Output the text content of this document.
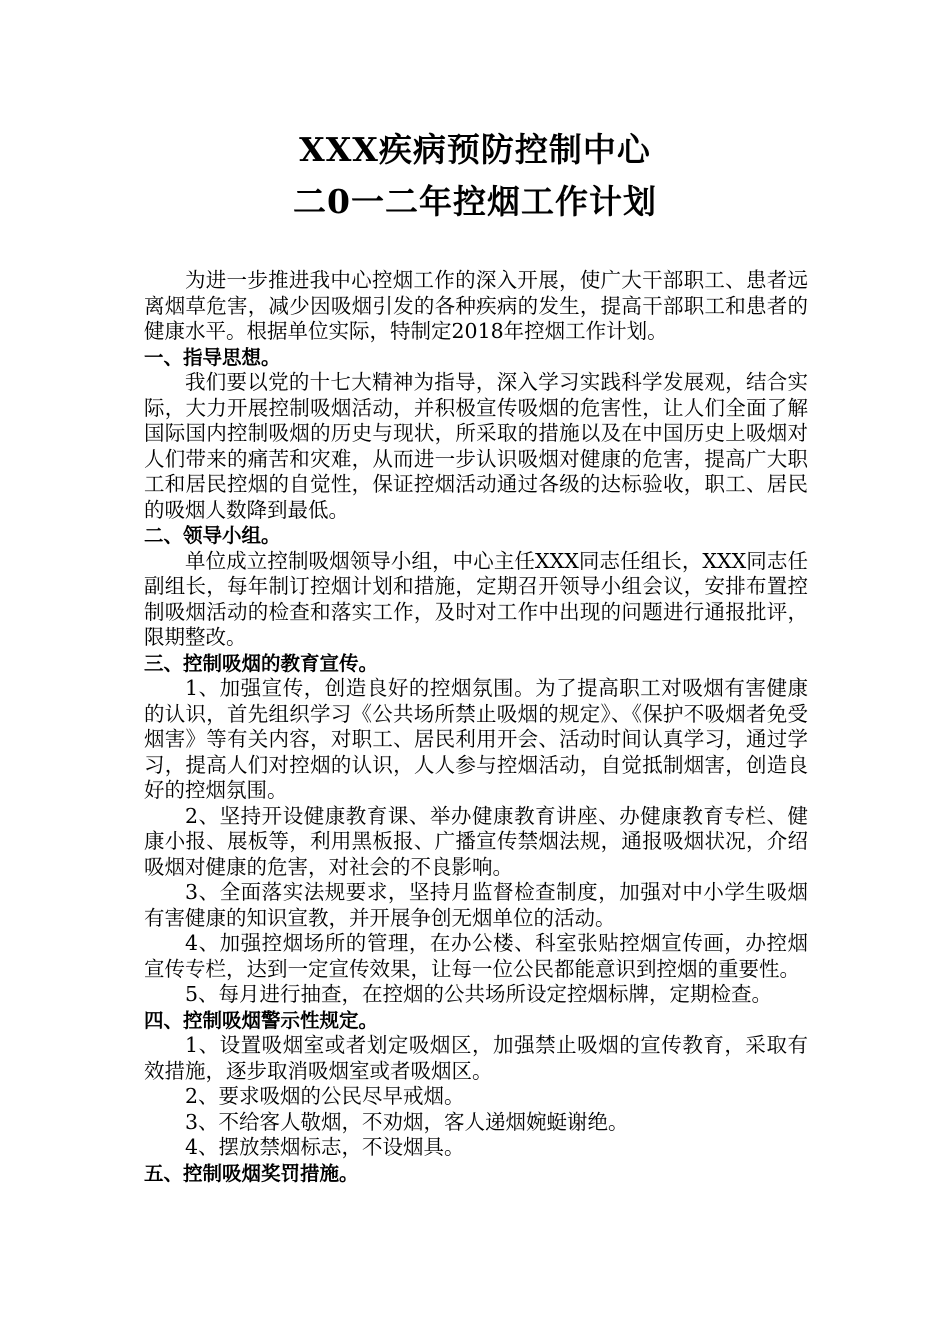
XXX疾病预防控制中心
二0一二年控烟工作计划

为进一步推进我中心控烟工作的深入开展，使广大干部职工、患者远离烟草危害，减少因吸烟引发的各种疾病的发生，提高干部职工和患者的健康水平。根据单位实际，特制定2018年控烟工作计划。

一、指导思想。

我们要以党的十七大精神为指导，深入学习实践科学发展观，结合实际，大力开展控制吸烟活动，并积极宣传吸烟的危害性，让人们全面了解国际国内控制吸烟的历史与现状，所采取的措施以及在中国历史上吸烟对人们带来的痛苦和灾难，从而进一步认识吸烟对健康的危害，提高广大职工和居民控烟的自觉性，保证控烟活动通过各级的达标验收，职工、居民的吸烟人数降到最低。

二、领导小组。

单位成立控制吸烟领导小组，中心主任XXX同志任组长，XXX同志任副组长，每年制订控烟计划和措施，定期召开领导小组会议，安排布置控制吸烟活动的检查和落实工作，及时对工作中出现的问题进行通报批评，限期整改。

三、控制吸烟的教育宣传。

1、加强宣传，创造良好的控烟氛围。为了提高职工对吸烟有害健康的认识，首先组织学习《公共场所禁止吸烟的规定》、《保护不吸烟者免受烟害》等有关内容，对职工、居民利用开会、活动时间认真学习，通过学习，提高人们对控烟的认识，人人参与控烟活动，自觉抵制烟害，创造良好的控烟氛围。

2、坚持开设健康教育课、举办健康教育讲座、办健康教育专栏、健康小报、展板等，利用黑板报、广播宣传禁烟法规，通报吸烟状况，介绍吸烟对健康的危害，对社会的不良影响。

3、全面落实法规要求，坚持月监督检查制度，加强对中小学生吸烟有害健康的知识宣教，并开展争创无烟单位的活动。

4、加强控烟场所的管理，在办公楼、科室张贴控烟宣传画，办控烟宣传专栏，达到一定宣传效果，让每一位公民都能意识到控烟的重要性。

5、每月进行抽查，在控烟的公共场所设定控烟标牌，定期检查。

四、控制吸烟警示性规定。

1、设置吸烟室或者划定吸烟区，加强禁止吸烟的宣传教育，采取有效措施，逐步取消吸烟室或者吸烟区。

2、要求吸烟的公民尽早戒烟。

3、不给客人敬烟，不劝烟，客人递烟婉蜓谢绝。

4、摆放禁烟标志，不设烟具。

五、控制吸烟奖罚措施。
